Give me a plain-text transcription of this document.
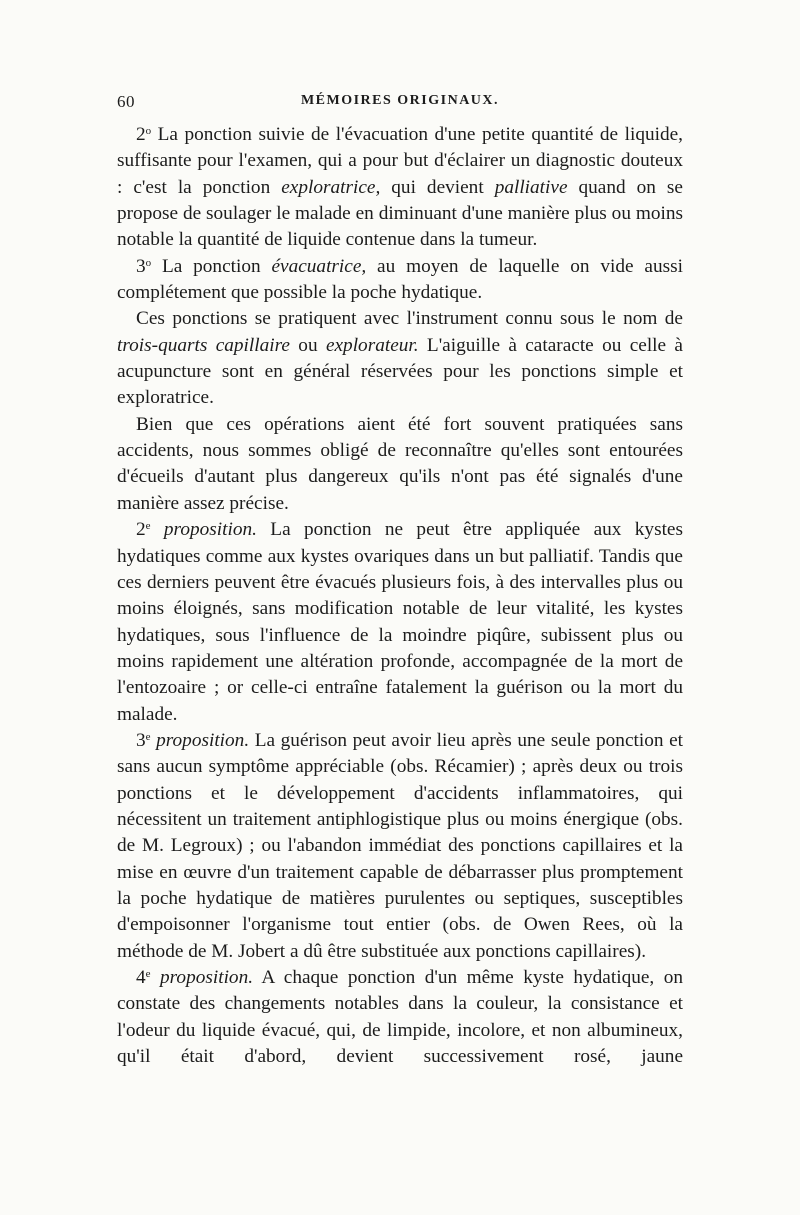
60	MÉMOIRES ORIGINAUX.

2$^o$ La ponction suivie de l'évacuation d'une petite quantité de liquide, suffisante pour l'examen, qui a pour but d'éclairer un diagnostic douteux : c'est la ponction exploratrice, qui devient palliative quand on se propose de soulager le malade en diminuant d'une manière plus ou moins notable la quantité de liquide contenue dans la tumeur.

3$^o$ La ponction évacuatrice, au moyen de laquelle on vide aussi complétement que possible la poche hydatique.

Ces ponctions se pratiquent avec l'instrument connu sous le nom de trois-quarts capillaire ou explorateur. L'aiguille à cataracte ou celle à acupuncture sont en général réservées pour les ponctions simple et exploratrice.

Bien que ces opérations aient été fort souvent pratiquées sans accidents, nous sommes obligé de reconnaître qu'elles sont entourées d'écueils d'autant plus dangereux qu'ils n'ont pas été signalés d'une manière assez précise.

2e proposition. La ponction ne peut être appliquée aux kystes hydatiques comme aux kystes ovariques dans un but palliatif. Tandis que ces derniers peuvent être évacués plusieurs fois, à des intervalles plus ou moins éloignés, sans modification notable de leur vitalité, les kystes hydatiques, sous l'influence de la moindre piqûre, subissent plus ou moins rapidement une altération profonde, accompagnée de la mort de l'entozoaire ; or celle-ci entraîne fatalement la guérison ou la mort du malade.

3e proposition. La guérison peut avoir lieu après une seule ponction et sans aucun symptôme appréciable (obs. Récamier) ; après deux ou trois ponctions et le développement d'accidents inflammatoires, qui nécessitent un traitement antiphlogistique plus ou moins énergique (obs. de M. Legroux) ; ou l'abandon immédiat des ponctions capillaires et la mise en œuvre d'un traitement capable de débarrasser plus promptement la poche hydatique de matières purulentes ou septiques, susceptibles d'empoisonner l'organisme tout entier (obs. de Owen Rees, où la méthode de M. Jobert a dû être substituée aux ponctions capillaires).

4e proposition. A chaque ponction d'un même kyste hydatique, on constate des changements notables dans la couleur, la consistance et l'odeur du liquide évacué, qui, de limpide, incolore, et non albumineux, qu'il était d'abord, devient successivement rosé, jaune
